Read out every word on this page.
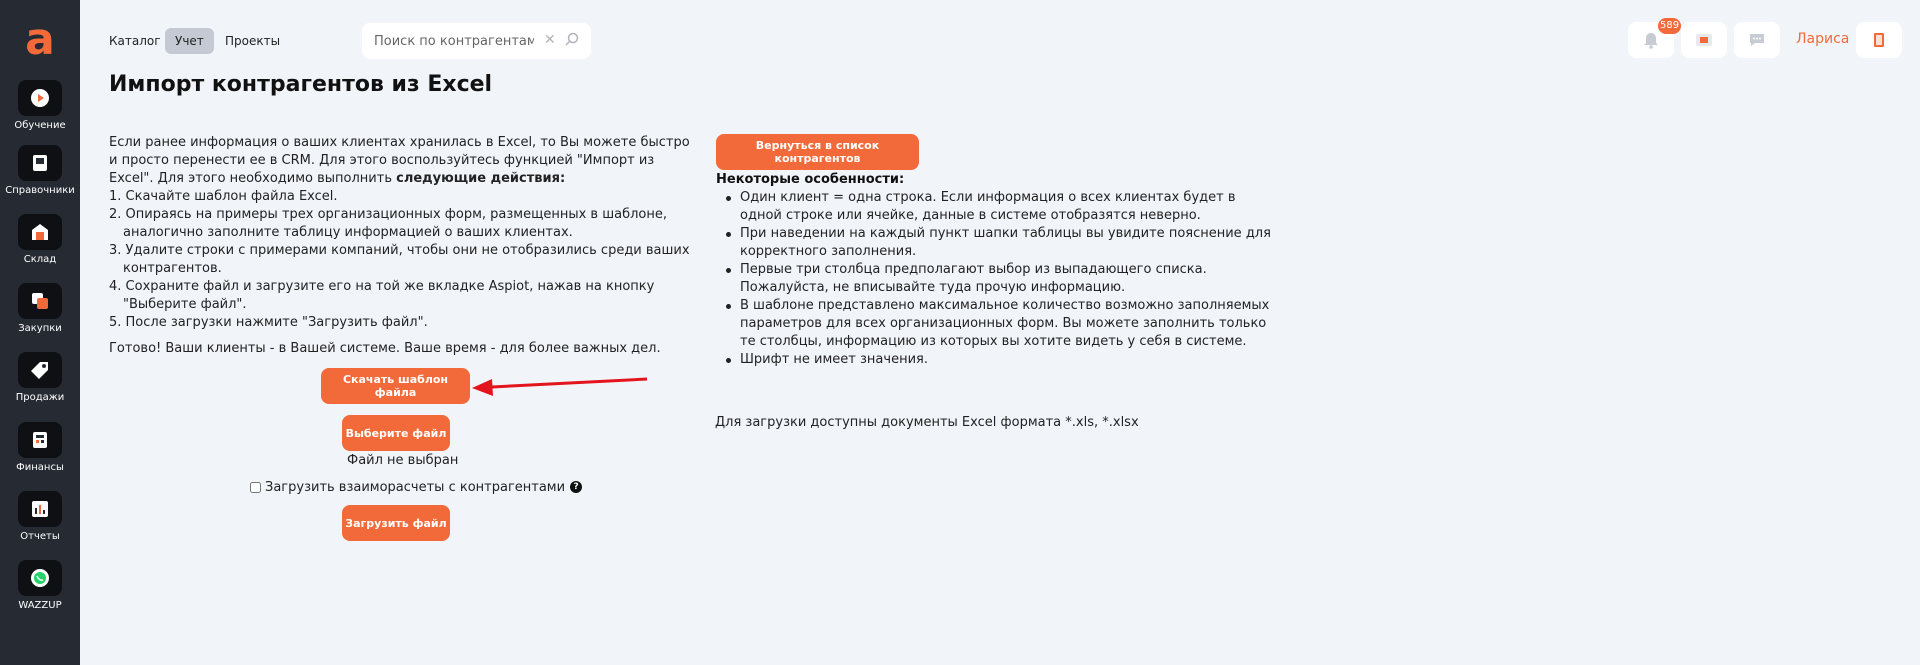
a
Обучение
Справочники
Склад
Закупки
Продажи
Финансы
Отчеты
WAZZUP
Каталог	Учет	Проекты
Поиск по контрагентам	✕
589
Лариса
Импорт контрагентов из Excel

Если ранее информация о ваших клиентах хранилась в Excel, то Вы можете быстро и просто перенести ее в CRM. Для этого воспользуйтесь функцией "Импорт из Excel". Для этого необходимо выполнить следующие действия:

1. Скачайте шаблон файла Excel.
2. Опираясь на примеры трех организационных форм, размещенных в шаблоне, аналогично заполните таблицу информацией о ваших клиентах.
3. Удалите строки с примерами компаний, чтобы они не отобразились среди ваших контрагентов.
4. Сохраните файл и загрузите его на той же вкладке Aspiot, нажав на кнопку "Выберите файл".
5. После загрузки нажмите "Загрузить файл".

Готово! Ваши клиенты - в Вашей системе. Ваше время - для более важных дел.

Скачать шаблон файла
Выберите файл
Файл не выбран
Загрузить взаиморасчеты с контрагентами ?
Загрузить файл
Вернуться в список контрагентов

Некоторые особенности:

Один клиент = одна строка. Если информация о всех клиентах будет в одной строке или ячейке, данные в системе отобразятся неверно.
При наведении на каждый пункт шапки таблицы вы увидите пояснение для корректного заполнения.
Первые три столбца предполагают выбор из выпадающего списка. Пожалуйста, не вписывайте туда прочую информацию.
В шаблоне представлено максимальное количество возможно заполняемых параметров для всех организационных форм. Вы можете заполнить только те столбцы, информацию из которых вы хотите видеть у себя в системе.
Шрифт не имеет значения.

Для загрузки доступны документы Excel формата *.xls, *.xlsx
